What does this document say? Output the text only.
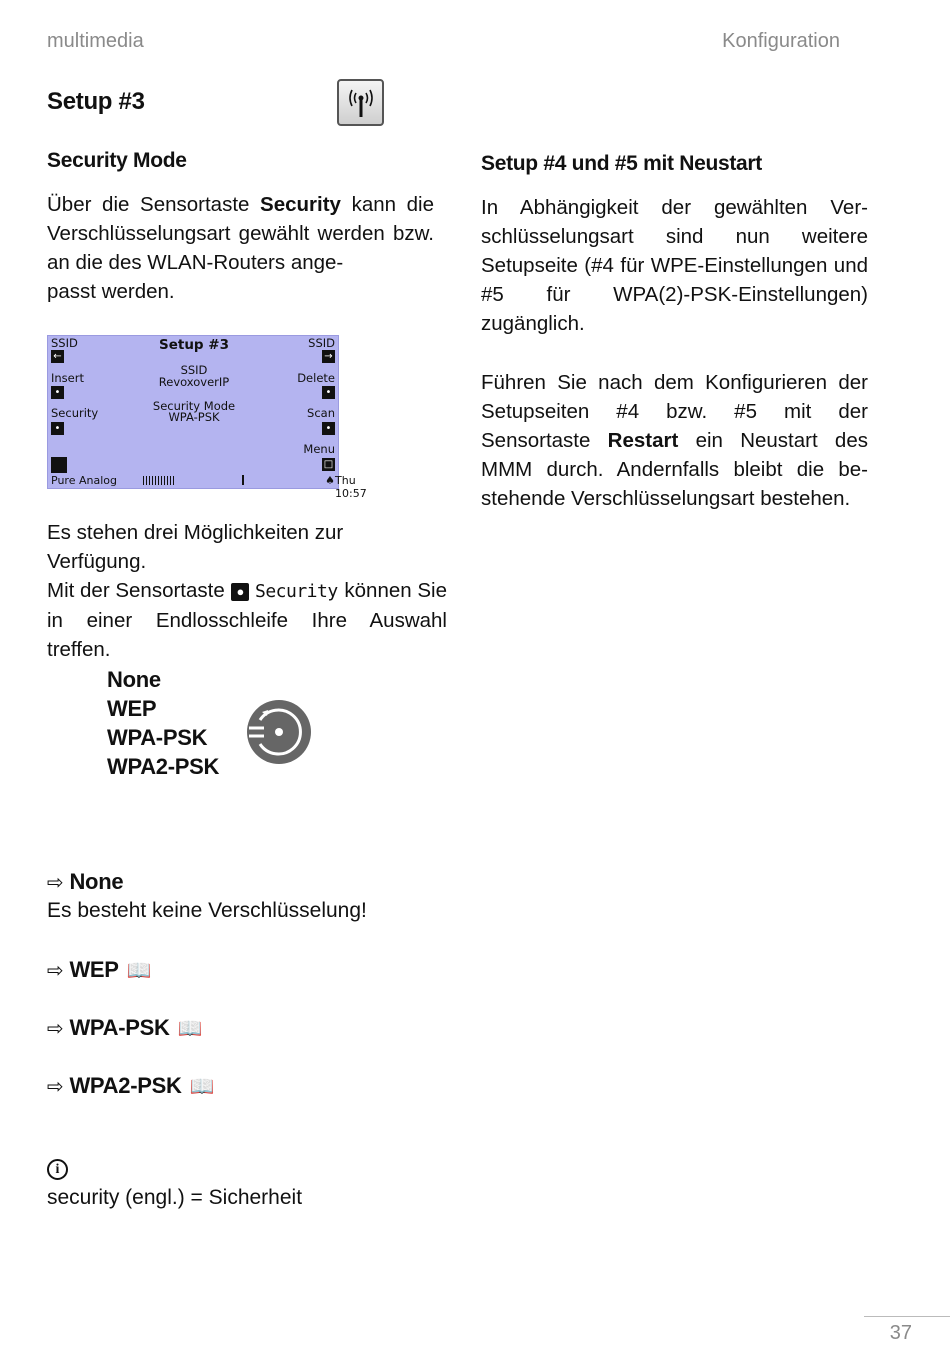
multimedia	Konfiguration
Setup #3
Security Mode
Über die Sensortaste Security kann die Verschlüsselungsart gewählt werden bzw. an die des WLAN-Routers ange-
passt werden.
SSID	SSID
←	→
Setup #3
SSID
RevoxoverIP
Insert	Delete
•	•
Security Mode
WPA-PSK
Security	Scan
•	•
Menu
□
Pure Analog	♠ Thu 10:57
Es stehen drei Möglichkeiten zur Verfügung.
Mit der Sensortaste ● Security können Sie
in einer Endlosschleife Ihre Auswahl
treffen.
None
WEP
WPA-PSK
WPA2-PSK
⇨ None
Es besteht keine Verschlüsselung!
⇨ WEP 📖
⇨ WPA-PSK 📖
⇨ WPA2-PSK 📖
i
security (engl.) = Sicherheit
Setup #4 und #5 mit Neustart
In Abhängigkeit der gewählten Ver-schlüsselungsart sind nun weitere Setupseite (#4 für WPE-Einstellungen und #5 für WPA(2)-PSK-Einstellungen) zugänglich.
Führen Sie nach dem Konfigurieren der Setupseiten #4 bzw. #5 mit der Sensortaste Restart ein Neustart des MMM durch. Andernfalls bleibt die be-stehende Verschlüsselungsart bestehen.
37
